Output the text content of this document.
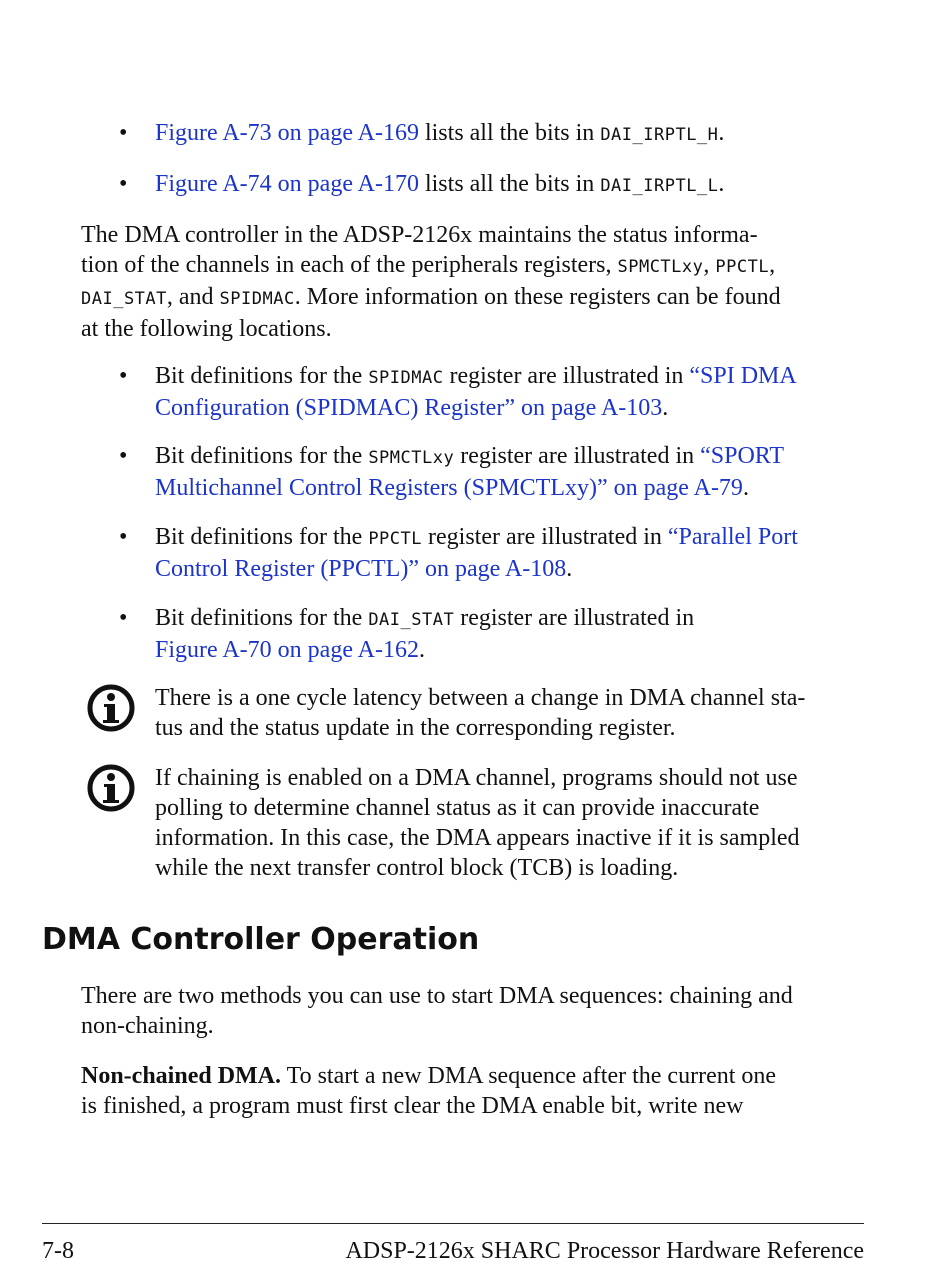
•	Figure A-73 on page A-169 lists all the bits in DAI_IRPTL_H.
•	Figure A-74 on page A-170 lists all the bits in DAI_IRPTL_L.
The DMA controller in the ADSP-2126x maintains the status informa-
tion of the channels in each of the peripherals registers, SPMCTLxy, PPCTL,
DAI_STAT, and SPIDMAC. More information on these registers can be found
at the following locations.
•	Bit definitions for the SPIDMAC register are illustrated in “SPI DMA
Configuration (SPIDMAC) Register” on page A-103.
•	Bit definitions for the SPMCTLxy register are illustrated in “SPORT
Multichannel Control Registers (SPMCTLxy)” on page A-79.
•	Bit definitions for the PPCTL register are illustrated in “Parallel Port
Control Register (PPCTL)” on page A-108.
•	Bit definitions for the DAI_STAT register are illustrated in
Figure A-70 on page A-162.
There is a one cycle latency between a change in DMA channel sta-
tus and the status update in the corresponding register.
If chaining is enabled on a DMA channel, programs should not use
polling to determine channel status as it can provide inaccurate
information. In this case, the DMA appears inactive if it is sampled
while the next transfer control block (TCB) is loading.
DMA Controller Operation
There are two methods you can use to start DMA sequences: chaining and
non-chaining.
Non-chained DMA. To start a new DMA sequence after the current one
is finished, a program must first clear the DMA enable bit, write new
7-8	ADSP-2126x SHARC Processor Hardware Reference
